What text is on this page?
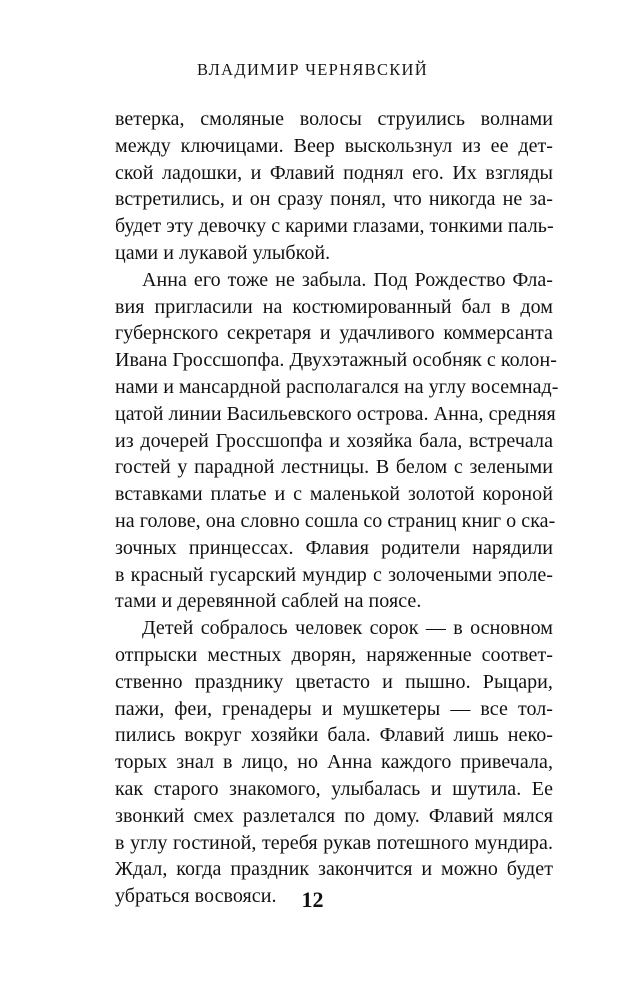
ВЛАДИМИР ЧЕРНЯВСКИЙ
ветерка, смоляные волосы струились волнами
между ключицами. Веер выскользнул из ее дет-
ской ладошки, и Флавий поднял его. Их взгляды
встретились, и он сразу понял, что никогда не за-
будет эту девочку с карими глазами, тонкими паль-
цами и лукавой улыбкой.
Анна его тоже не забыла. Под Рождество Фла-
вия пригласили на костюмированный бал в дом
губернского секретаря и удачливого коммерсанта
Ивана Гроссшопфа. Двухэтажный особняк с колон-
нами и мансардной располагался на углу восемнад-
цатой линии Васильевского острова. Анна, средняя
из дочерей Гроссшопфа и хозяйка бала, встречала
гостей у парадной лестницы. В белом с зелеными
вставками платье и с маленькой золотой короной
на голове, она словно сошла со страниц книг о ска-
зочных принцессах. Флавия родители нарядили
в красный гусарский мундир с золочеными эполе-
тами и деревянной саблей на поясе.
Детей собралось человек сорок — в основном
отпрыски местных дворян, наряженные соответ-
ственно празднику цветасто и пышно. Рыцари,
пажи, феи, гренадеры и мушкетеры — все тол-
пились вокруг хозяйки бала. Флавий лишь неко-
торых знал в лицо, но Анна каждого привечала,
как старого знакомого, улыбалась и шутила. Ее
звонкий смех разлетался по дому. Флавий мялся
в углу гостиной, теребя рукав потешного мундира.
Ждал, когда праздник закончится и можно будет
убраться восвояси.	12
